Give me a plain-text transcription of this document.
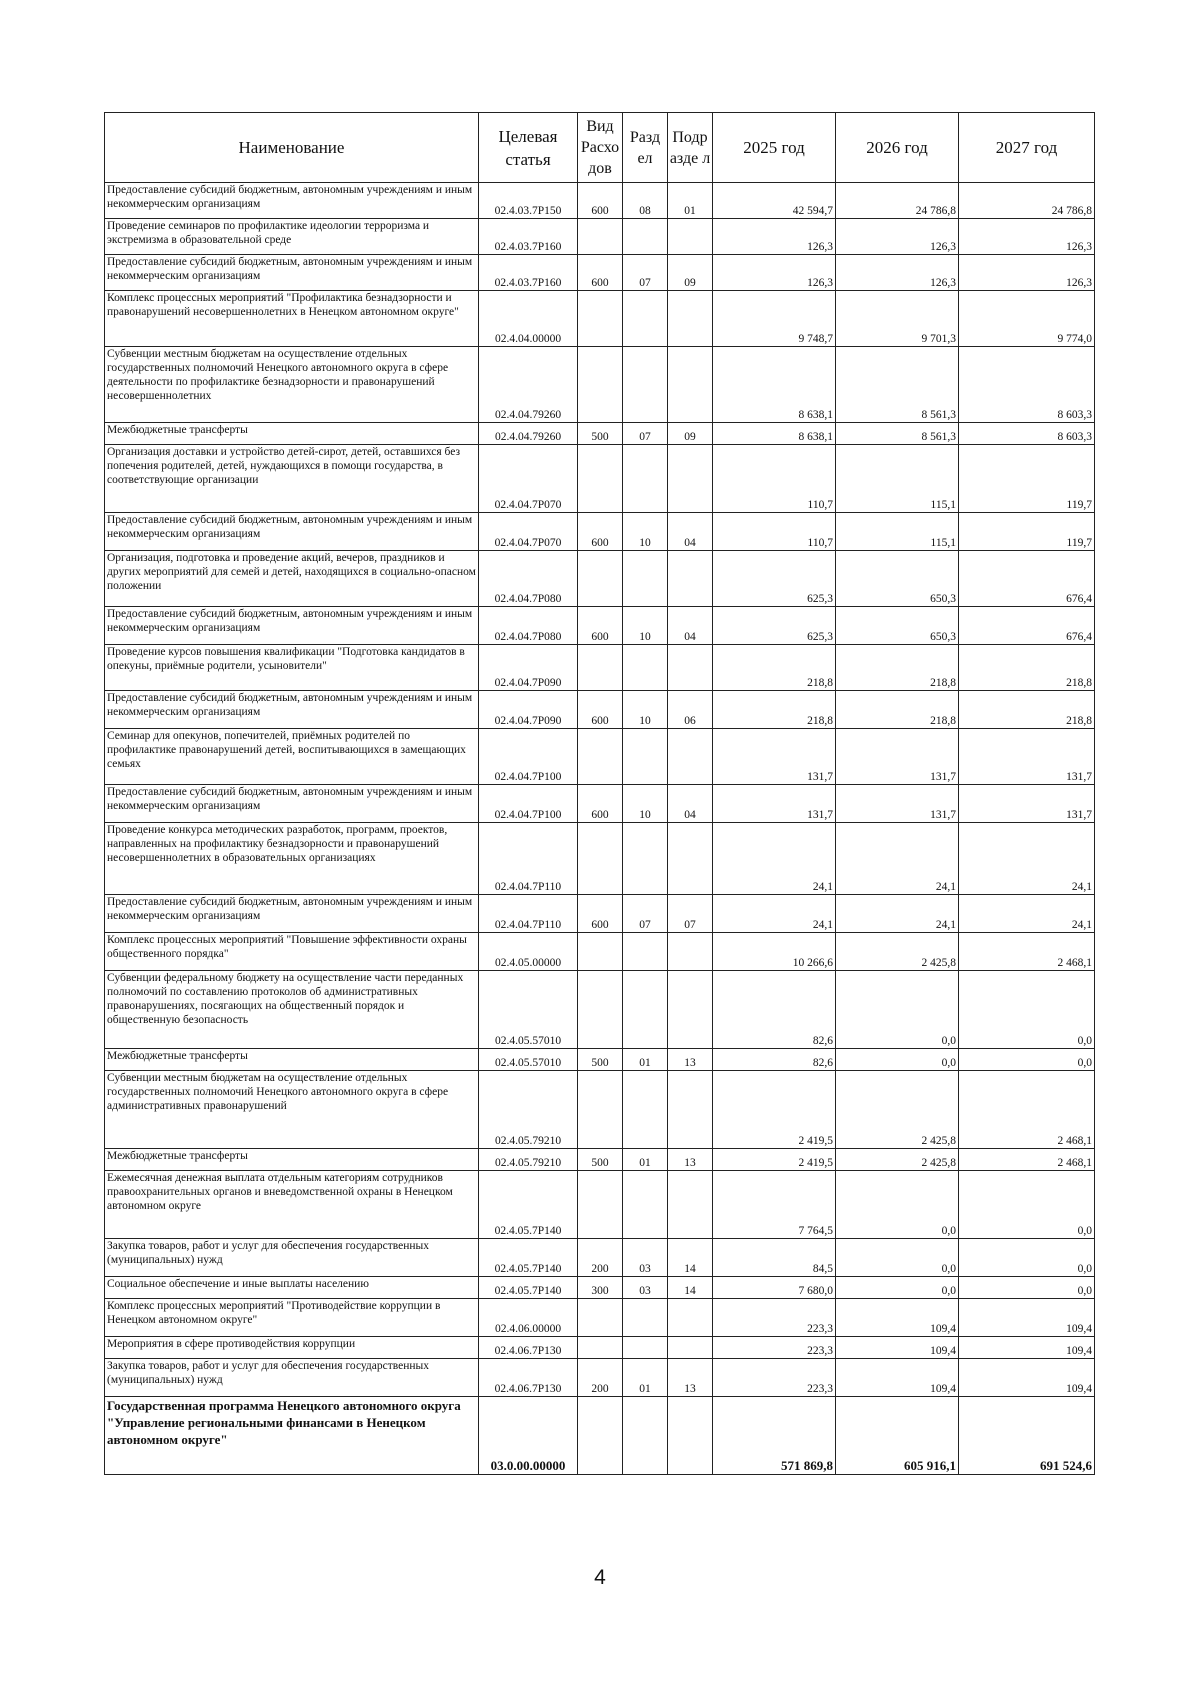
Наименование	Целевая статья	Вид Расхо дов	Разд ел	Подр азде л	2025 год	2026 год	2027 год
Предоставление субсидий бюджетным, автономным учреждениям и иным некоммерческим организациям	02.4.03.7P150	600	08	01	42 594,7	24 786,8	24 786,8
Проведение семинаров по профилактике идеологии терроризма и экстремизма в образовательной среде	02.4.03.7P160				126,3	126,3	126,3
Предоставление субсидий бюджетным, автономным учреждениям и иным некоммерческим организациям	02.4.03.7P160	600	07	09	126,3	126,3	126,3
Комплекс процессных мероприятий "Профилактика безнадзорности и правонарушений несовершеннолетних в Ненецком автономном округе"	02.4.04.00000				9 748,7	9 701,3	9 774,0
Субвенции местным бюджетам на осуществление отдельных государственных полномочий Ненецкого автономного округа в сфере деятельности по профилактике безнадзорности и правонарушений несовершеннолетних	02.4.04.79260				8 638,1	8 561,3	8 603,3
Межбюджетные трансферты	02.4.04.79260	500	07	09	8 638,1	8 561,3	8 603,3
Организация доставки и устройство детей-сирот, детей, оставшихся без попечения родителей, детей, нуждающихся в помощи государства, в соответствующие организации	02.4.04.7P070				110,7	115,1	119,7
Предоставление субсидий бюджетным, автономным учреждениям и иным некоммерческим организациям	02.4.04.7P070	600	10	04	110,7	115,1	119,7
Организация, подготовка и проведение акций, вечеров, праздников и других мероприятий для семей и детей, находящихся в социально-опасном положении	02.4.04.7P080				625,3	650,3	676,4
Предоставление субсидий бюджетным, автономным учреждениям и иным некоммерческим организациям	02.4.04.7P080	600	10	04	625,3	650,3	676,4
Проведение курсов повышения квалификации "Подготовка кандидатов в опекуны, приёмные родители, усыновители"	02.4.04.7P090				218,8	218,8	218,8
Предоставление субсидий бюджетным, автономным учреждениям и иным некоммерческим организациям	02.4.04.7P090	600	10	06	218,8	218,8	218,8
Семинар для опекунов, попечителей, приёмных родителей по профилактике правонарушений детей, воспитывающихся в замещающих семьях	02.4.04.7P100				131,7	131,7	131,7
Предоставление субсидий бюджетным, автономным учреждениям и иным некоммерческим организациям	02.4.04.7P100	600	10	04	131,7	131,7	131,7
Проведение конкурса методических разработок, программ, проектов, направленных на профилактику безнадзорности и правонарушений несовершеннолетних в образовательных организациях	02.4.04.7P110				24,1	24,1	24,1
Предоставление субсидий бюджетным, автономным учреждениям и иным некоммерческим организациям	02.4.04.7P110	600	07	07	24,1	24,1	24,1
Комплекс процессных мероприятий "Повышение эффективности охраны общественного порядка"	02.4.05.00000				10 266,6	2 425,8	2 468,1
Субвенции федеральному бюджету на осуществление части переданных полномочий по составлению протоколов об административных правонарушениях, посягающих на общественный порядок и общественную безопасность	02.4.05.57010				82,6	0,0	0,0
Межбюджетные трансферты	02.4.05.57010	500	01	13	82,6	0,0	0,0
Субвенции местным бюджетам на осуществление отдельных государственных полномочий Ненецкого автономного округа в сфере административных правонарушений	02.4.05.79210				2 419,5	2 425,8	2 468,1
Межбюджетные трансферты	02.4.05.79210	500	01	13	2 419,5	2 425,8	2 468,1
Ежемесячная денежная выплата отдельным категориям сотрудников правоохранительных органов и вневедомственной охраны в Ненецком автономном округе	02.4.05.7P140				7 764,5	0,0	0,0
Закупка товаров, работ и услуг для обеспечения государственных (муниципальных) нужд	02.4.05.7P140	200	03	14	84,5	0,0	0,0
Социальное обеспечение и иные выплаты населению	02.4.05.7P140	300	03	14	7 680,0	0,0	0,0
Комплекс процессных мероприятий "Противодействие коррупции в Ненецком автономном округе"	02.4.06.00000				223,3	109,4	109,4
Мероприятия в сфере противодействия коррупции	02.4.06.7P130				223,3	109,4	109,4
Закупка товаров, работ и услуг для обеспечения государственных (муниципальных) нужд	02.4.06.7P130	200	01	13	223,3	109,4	109,4
Государственная программа Ненецкого автономного округа "Управление региональными финансами в Ненецком автономном округе"	03.0.00.00000				571 869,8	605 916,1	691 524,6
4
